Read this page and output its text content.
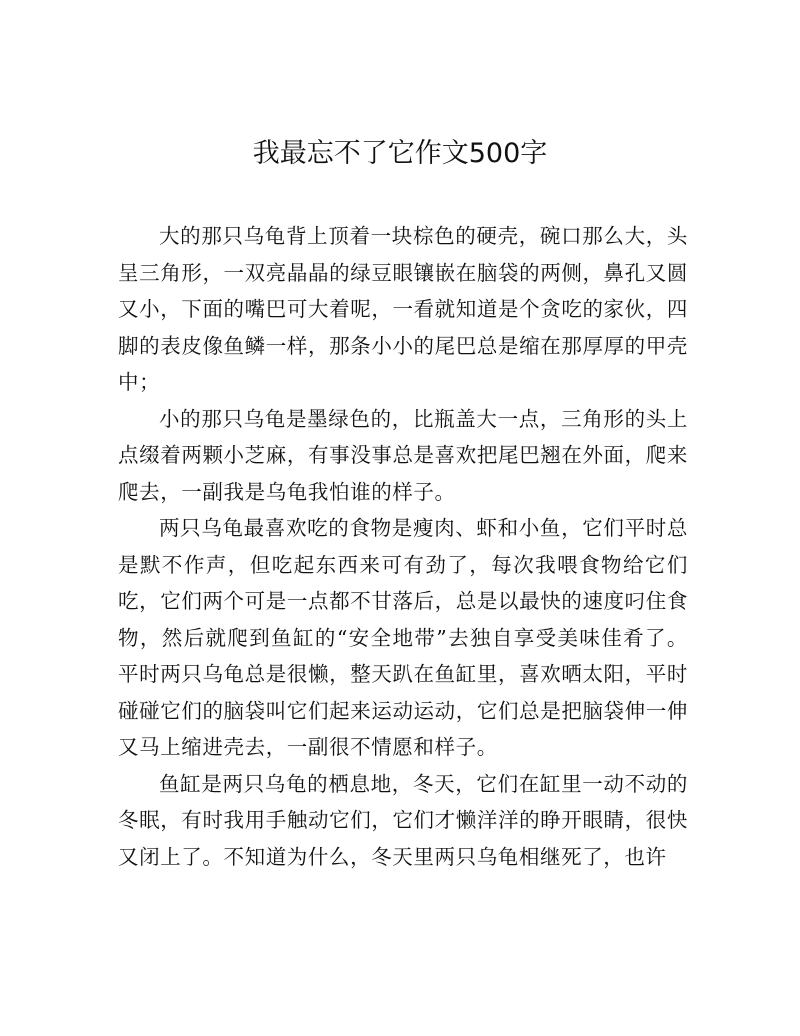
我最忘不了它作文500字

大的那只乌龟背上顶着一块棕色的硬壳，碗口那么大，头呈三角形，一双亮晶晶的绿豆眼镶嵌在脑袋的两侧，鼻孔又圆又小，下面的嘴巴可大着呢，一看就知道是个贪吃的家伙，四脚的表皮像鱼鳞一样，那条小小的尾巴总是缩在那厚厚的甲壳中；

小的那只乌龟是墨绿色的，比瓶盖大一点，三角形的头上点缀着两颗小芝麻，有事没事总是喜欢把尾巴翘在外面，爬来爬去，一副我是乌龟我怕谁的样子。

两只乌龟最喜欢吃的食物是瘦肉、虾和小鱼，它们平时总是默不作声，但吃起东西来可有劲了，每次我喂食物给它们吃，它们两个可是一点都不甘落后，总是以最快的速度叼住食物，然后就爬到鱼缸的“安全地带”去独自享受美味佳肴了。平时两只乌龟总是很懒，整天趴在鱼缸里，喜欢晒太阳，平时碰碰它们的脑袋叫它们起来运动运动，它们总是把脑袋伸一伸又马上缩进壳去，一副很不情愿和样子。

鱼缸是两只乌龟的栖息地，冬天，它们在缸里一动不动的冬眠，有时我用手触动它们，它们才懒洋洋的睁开眼睛，很快又闭上了。不知道为什么，冬天里两只乌龟相继死了，也许
